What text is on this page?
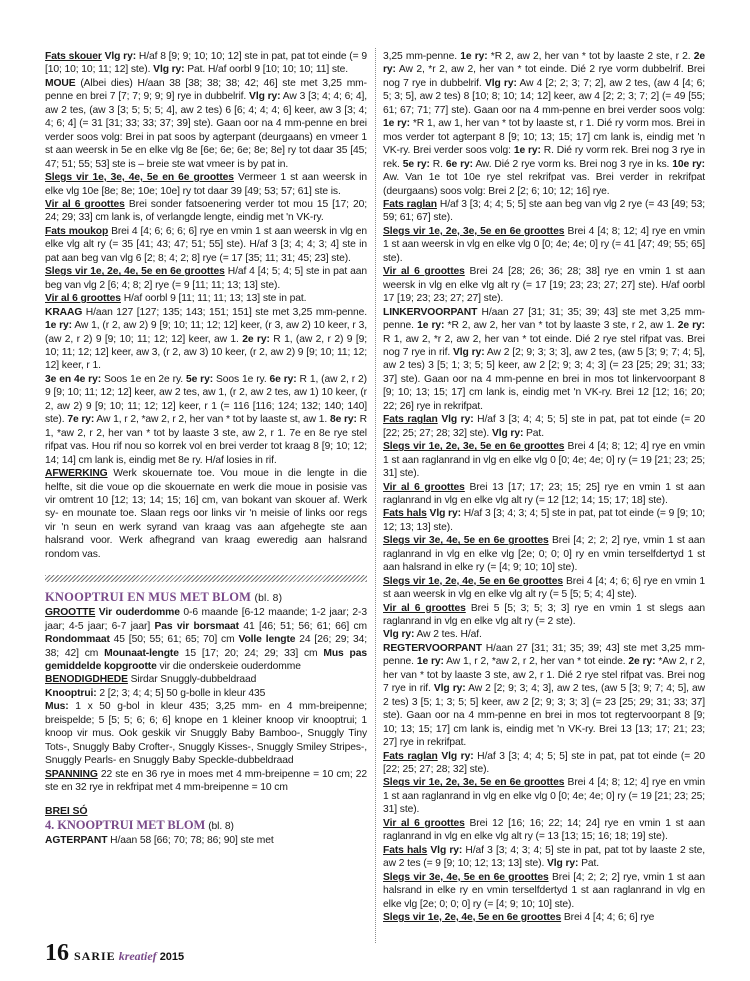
Fats skouer Vlg ry: H/af 8 [9; 9; 10; 10; 12] ste in pat, pat tot einde (= 9 [10; 10; 10; 11; 12] ste). Vlg ry: Pat. H/af oorbl 9 [10; 10; 10; 11] ste.

MOUE (Albei dies) H/aan 38 [38; 38; 38; 42; 46] ste met 3,25 mm-penne en brei 7 [7; 7; 9; 9; 9] rye in dubbelrif. Vlg ry: Aw 3 [3; 4; 4; 6; 4], aw 2 tes, (aw 3 [3; 5; 5; 5; 4], aw 2 tes) 6 [6; 4; 4; 4; 6] keer, aw 3 [3; 4; 4; 6; 4] (= 31 [31; 33; 33; 37; 39] ste). Gaan oor na 4 mm-penne en brei verder soos volg: Brei in pat soos by agterpant (deurgaans) en vmeer 1 st aan weersk in 5e en elke vlg 8e [6e; 6e; 6e; 8e; 8e] ry tot daar 35 [45; 47; 51; 55; 53] ste is – breie ste wat vmeer is by pat in.

Slegs vir 1e, 3e, 4e, 5e en 6e groottes Vermeer 1 st aan weersk in elke vlg 10e [8e; 8e; 10e; 10e] ry tot daar 39 [49; 53; 57; 61] ste is.

Vir al 6 groottes Brei sonder fatsoenering verder tot mou 15 [17; 20; 24; 29; 33] cm lank is, of verlangde lengte, eindig met 'n VK-ry.

Fats moukop Brei 4 [4; 6; 6; 6; 6] rye en vmin 1 st aan weersk in vlg en elke vlg alt ry (= 35 [41; 43; 47; 51; 55] ste). H/af 3 [3; 4; 4; 3; 4] ste in pat aan beg van vlg 6 [2; 8; 4; 2; 8] rye (= 17 [35; 11; 31; 45; 23] ste).

Slegs vir 1e, 2e, 4e, 5e en 6e groottes H/af 4 [4; 5; 4; 5] ste in pat aan beg van vlg 2 [6; 4; 8; 2] rye (= 9 [11; 11; 13; 13] ste).

Vir al 6 groottes H/af oorbl 9 [11; 11; 11; 13; 13] ste in pat.

KRAAG H/aan 127 [127; 135; 143; 151; 151] ste met 3,25 mm-penne. 1e ry: Aw 1, (r 2, aw 2) 9 [9; 10; 11; 12; 12] keer, (r 3, aw 2) 10 keer, r 3, (aw 2, r 2) 9 [9; 10; 11; 12; 12] keer, aw 1. 2e ry: R 1, (aw 2, r 2) 9 [9; 10; 11; 12; 12] keer, aw 3, (r 2, aw 3) 10 keer, (r 2, aw 2) 9 [9; 10; 11; 12; 12] keer, r 1.

3e en 4e ry: Soos 1e en 2e ry. 5e ry: Soos 1e ry. 6e ry: R 1, (aw 2, r 2) 9 [9; 10; 11; 12; 12] keer, aw 2 tes, aw 1, (r 2, aw 2 tes, aw 1) 10 keer, (r 2, aw 2) 9 [9; 10; 11; 12; 12] keer, r 1 (= 116 [116; 124; 132; 140; 140] ste). 7e ry: Aw 1, r 2, *aw 2, r 2, her van * tot by laaste st, aw 1. 8e ry: R 1, *aw 2, r 2, her van * tot by laaste 3 ste, aw 2, r 1. 7e en 8e rye stel rifpat vas. Hou rif nou so korrek vol en brei verder tot kraag 8 [9; 10; 12; 14; 14] cm lank is, eindig met 8e ry. H/af losies in rif.

AFWERKING Werk skouernate toe. Vou moue in die lengte in die helfte, sit die voue op die skouernate en werk die moue in posisie vas vir omtrent 10 [12; 13; 14; 15; 16] cm, van bokant van skouer af. Werk sy- en mounate toe. Slaan regs oor links vir 'n meisie of links oor regs vir 'n seun en werk syrand van kraag vas aan afgehegte ste aan halsrand voor. Werk afhegrand van kraag eweredig aan halsrand rondom vas.

KNOOPTRUI EN MUS MET BLOM (bl. 8)

GROOTTE Vir ouderdomme 0-6 maande [6-12 maande; 1-2 jaar; 2-3 jaar; 4-5 jaar; 6-7 jaar] Pas vir borsmaat 41 [46; 51; 56; 61; 66] cm Rondommaat 45 [50; 55; 61; 65; 70] cm Volle lengte 24 [26; 29; 34; 38; 42] cm Mounaat-lengte 15 [17; 20; 24; 29; 33] cm Mus pas gemiddelde kopgrootte vir die onderskeie ouderdomme

BENODIGDHEDE Sirdar Snuggly-dubbeldraad

Knooptrui: 2 [2; 3; 4; 4; 5] 50 g-bolle in kleur 435

Mus: 1 x 50 g-bol in kleur 435; 3,25 mm- en 4 mm-breipenne; breispelde; 5 [5; 5; 6; 6; 6] knope en 1 kleiner knoop vir knooptrui; 1 knoop vir mus. Ook geskik vir Snuggly Baby Bamboo-, Snuggly Tiny Tots-, Snuggly Baby Crofter-, Snuggly Kisses-, Snuggly Smiley Stripes-, Snuggly Pearls- en Snuggly Baby Speckle-dubbeldraad

SPANNING 22 ste en 36 rye in moes met 4 mm-breipenne = 10 cm; 22 ste en 32 rye in rekfripat met 4 mm-breipenne = 10 cm

BREI SÓ

4. KNOOPTRUI MET BLOM (bl. 8)

AGTERPANT H/aan 58 [66; 70; 78; 86; 90] ste met

3,25 mm-penne. 1e ry: *R 2, aw 2, her van * tot by laaste 2 ste, r 2. 2e ry: Aw 2, *r 2, aw 2, her van * tot einde. Dié 2 rye vorm dubbelrif. Brei nog 7 rye in dubbelrif. Vlg ry: Aw 4 [2; 2; 3; 7; 2], aw 2 tes, (aw 4 [4; 6; 5; 3; 5], aw 2 tes) 8 [10; 8; 10; 14; 12] keer, aw 4 [2; 2; 3; 7; 2] (= 49 [55; 61; 67; 71; 77] ste). Gaan oor na 4 mm-penne en brei verder soos volg: 1e ry: *R 1, aw 1, her van * tot by laaste st, r 1. Dié ry vorm mos. Brei in mos verder tot agterpant 8 [9; 10; 13; 15; 17] cm lank is, eindig met 'n VK-ry. Brei verder soos volg: 1e ry: R. Dié ry vorm rek. Brei nog 3 rye in rek. 5e ry: R. 6e ry: Aw. Dié 2 rye vorm ks. Brei nog 3 rye in ks. 10e ry: Aw. Van 1e tot 10e rye stel rekrifpat vas. Brei verder in rekrifpat (deurgaans) soos volg: Brei 2 [2; 6; 10; 12; 16] rye.

Fats raglan H/af 3 [3; 4; 4; 5; 5] ste aan beg van vlg 2 rye (= 43 [49; 53; 59; 61; 67] ste).

Slegs vir 1e, 2e, 3e, 5e en 6e groottes Brei 4 [4; 8; 12; 4] rye en vmin 1 st aan weersk in vlg en elke vlg 0 [0; 4e; 4e; 0] ry (= 41 [47; 49; 55; 65] ste).

Vir al 6 groottes Brei 24 [28; 26; 36; 28; 38] rye en vmin 1 st aan weersk in vlg en elke vlg alt ry (= 17 [19; 23; 23; 27; 27] ste). H/af oorbl 17 [19; 23; 23; 27; 27] ste).

LINKERVOORPANT H/aan 27 [31; 31; 35; 39; 43] ste met 3,25 mm-penne. 1e ry: *R 2, aw 2, her van * tot by laaste 3 ste, r 2, aw 1. 2e ry: R 1, aw 2, *r 2, aw 2, her van * tot einde. Dié 2 rye stel rifpat vas. Brei nog 7 rye in rif. Vlg ry: Aw 2 [2; 9; 3; 3; 3], aw 2 tes, (aw 5 [3; 9; 7; 4; 5], aw 2 tes) 3 [5; 1; 3; 5; 5] keer, aw 2 [2; 9; 3; 4; 3] (= 23 [25; 29; 31; 33; 37] ste). Gaan oor na 4 mm-penne en brei in mos tot linkervoorpant 8 [9; 10; 13; 15; 17] cm lank is, eindig met 'n VK-ry. Brei 12 [12; 16; 20; 22; 26] rye in rekrifpat.

Fats raglan Vlg ry: H/af 3 [3; 4; 4; 5; 5] ste in pat, pat tot einde (= 20 [22; 25; 27; 28; 32] ste). Vlg ry: Pat.

Slegs vir 1e, 2e, 3e, 5e en 6e groottes Brei 4 [4; 8; 12; 4] rye en vmin 1 st aan raglanrand in vlg en elke vlg 0 [0; 4e; 4e; 0] ry (= 19 [21; 23; 25; 31] ste).

Vir al 6 groottes Brei 13 [17; 17; 23; 15; 25] rye en vmin 1 st aan raglanrand in vlg en elke vlg alt ry (= 12 [12; 14; 15; 17; 18] ste).

Fats hals Vlg ry: H/af 3 [3; 4; 3; 4; 5] ste in pat, pat tot einde (= 9 [9; 10; 12; 13; 13] ste).

Slegs vir 3e, 4e, 5e en 6e groottes Brei [4; 2; 2; 2] rye, vmin 1 st aan raglanrand in vlg en elke vlg [2e; 0; 0; 0] ry en vmin terselfdertyd 1 st aan halsrand in elke ry (= [4; 9; 10; 10] ste).

Slegs vir 1e, 2e, 4e, 5e en 6e groottes Brei 4 [4; 4; 6; 6] rye en vmin 1 st aan weersk in vlg en elke vlg alt ry (= 5 [5; 5; 4; 4] ste).

Vir al 6 groottes Brei 5 [5; 3; 5; 3; 3] rye en vmin 1 st slegs aan raglanrand in vlg en elke vlg alt ry (= 2 ste).

Vlg ry: Aw 2 tes. H/af.

REGTERVOORPANT H/aan 27 [31; 31; 35; 39; 43] ste met 3,25 mm-penne. 1e ry: Aw 1, r 2, *aw 2, r 2, her van * tot einde. 2e ry: *Aw 2, r 2, her van * tot by laaste 3 ste, aw 2, r 1. Dié 2 rye stel rifpat vas. Brei nog 7 rye in rif. Vlg ry: Aw 2 [2; 9; 3; 4; 3], aw 2 tes, (aw 5 [3; 9; 7; 4; 5], aw 2 tes) 3 [5; 1; 3; 5; 5] keer, aw 2 [2; 9; 3; 3; 3] (= 23 [25; 29; 31; 33; 37] ste). Gaan oor na 4 mm-penne en brei in mos tot regtervoorpant 8 [9; 10; 13; 15; 17] cm lank is, eindig met 'n VK-ry. Brei 13 [13; 17; 21; 23; 27] rye in rekrifpat.

Fats raglan Vlg ry: H/af 3 [3; 4; 4; 5; 5] ste in pat, pat tot einde (= 20 [22; 25; 27; 28; 32] ste).

Slegs vir 1e, 2e, 3e, 5e en 6e groottes Brei 4 [4; 8; 12; 4] rye en vmin 1 st aan raglanrand in vlg en elke vlg 0 [0; 4e; 4e; 0] ry (= 19 [21; 23; 25; 31] ste).

Vir al 6 groottes Brei 12 [16; 16; 22; 14; 24] rye en vmin 1 st aan raglanrand in vlg en elke vlg alt ry (= 13 [13; 15; 16; 18; 19] ste).

Fats hals Vlg ry: H/af 3 [3; 4; 3; 4; 5] ste in pat, pat tot by laaste 2 ste, aw 2 tes (= 9 [9; 10; 12; 13; 13] ste). Vlg ry: Pat.

Slegs vir 3e, 4e, 5e en 6e groottes Brei [4; 2; 2; 2] rye, vmin 1 st aan halsrand in elke ry en vmin terselfdertyd 1 st aan raglanrand in vlg en elke vlg [2e; 0; 0; 0] ry (= [4; 9; 10; 10] ste).

Slegs vir 1e, 2e, 4e, 5e en 6e groottes Brei 4 [4; 4; 6; 6] rye

16 SARIE kreatief 2015
